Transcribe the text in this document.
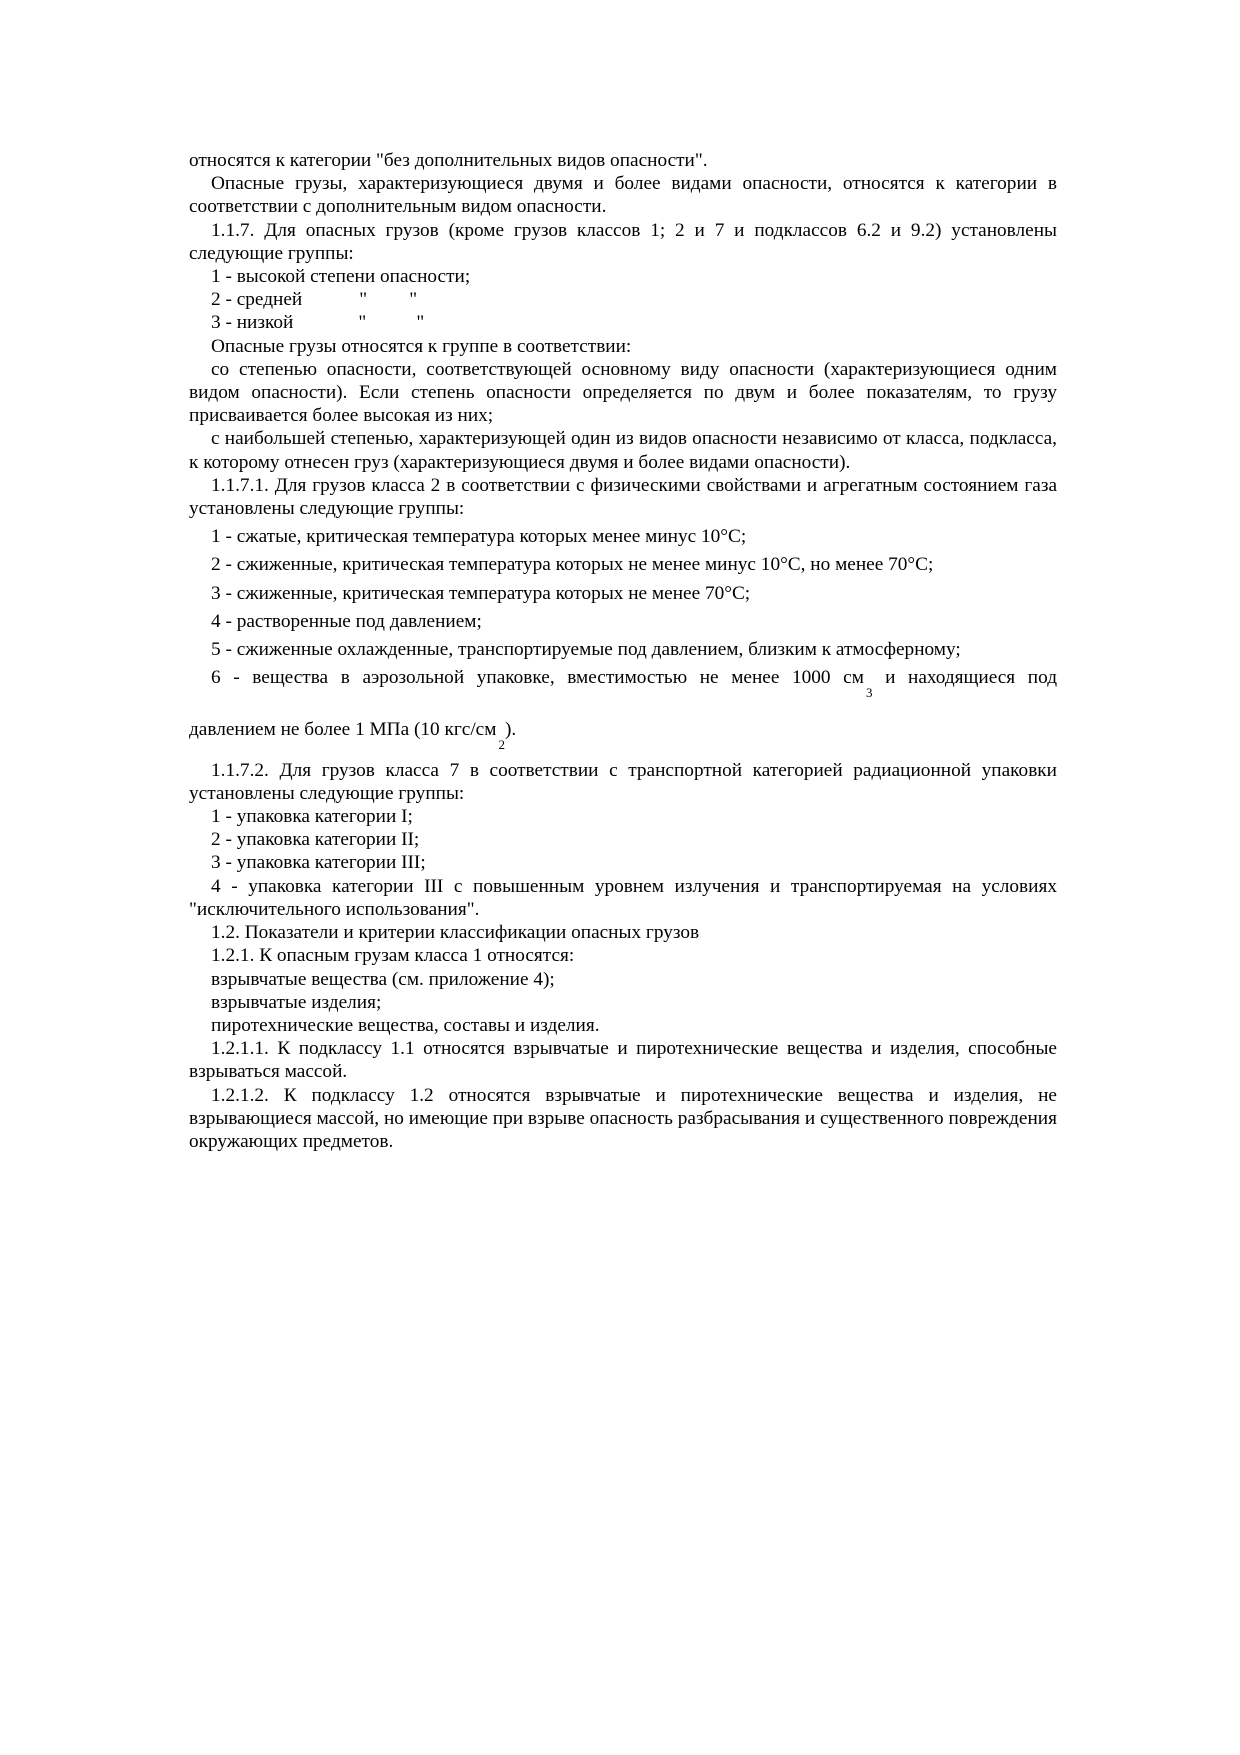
относятся к категории "без дополнительных видов опасности".

Опасные грузы, характеризующиеся двумя и более видами опасности, относятся к категории в соответствии с дополнительным видом опасности.

1.1.7. Для опасных грузов (кроме грузов классов 1; 2 и 7 и подклассов 6.2 и 9.2) установлены следующие группы:

1 - высокой степени опасности;

2 - средней	" "

3 - низкой	"	"

Опасные грузы относятся к группе в соответствии:

со степенью опасности, соответствующей основному виду опасности (характеризующиеся одним видом опасности). Если степень опасности определяется по двум и более показателям, то грузу присваивается более высокая из них;

с наибольшей степенью, характеризующей один из видов опасности независимо от класса, подкласса, к которому отнесен груз (характеризующиеся двумя и более видами опасности).

1.1.7.1. Для грузов класса 2 в соответствии с физическими свойствами и агрегатным состоянием газа установлены следующие группы:

1 - сжатые, критическая температура которых менее минус 10°С;

2 - сжиженные, критическая температура которых не менее минус 10°С, но менее 70°С;

3 - сжиженные, критическая температура которых не менее 70°С;

4 - растворенные под давлением;

5 - сжиженные охлажденные, транспортируемые под давлением, близким к атмосферному;

6 - вещества в аэрозольной упаковке, вместимостью не менее 1000 $см_3$ и находящиеся под

давлением не более 1 МПа (10 кгс/$см_2$).

1.1.7.2. Для грузов класса 7 в соответствии с транспортной категорией радиационной упаковки установлены следующие группы:

1 - упаковка категории I;

2 - упаковка категории II;

3 - упаковка категории III;

4 - упаковка категории III с повышенным уровнем излучения и транспортируемая на условиях "исключительного использования".

1.2. Показатели и критерии классификации опасных грузов

1.2.1. К опасным грузам класса 1 относятся:

взрывчатые вещества (см. приложение 4);

взрывчатые изделия;

пиротехнические вещества, составы и изделия.

1.2.1.1. К подклассу 1.1 относятся взрывчатые и пиротехнические вещества и изделия, способные взрываться массой.

1.2.1.2. К подклассу 1.2 относятся взрывчатые и пиротехнические вещества и изделия, не взрывающиеся массой, но имеющие при взрыве опасность разбрасывания и существенного повреждения окружающих предметов.
